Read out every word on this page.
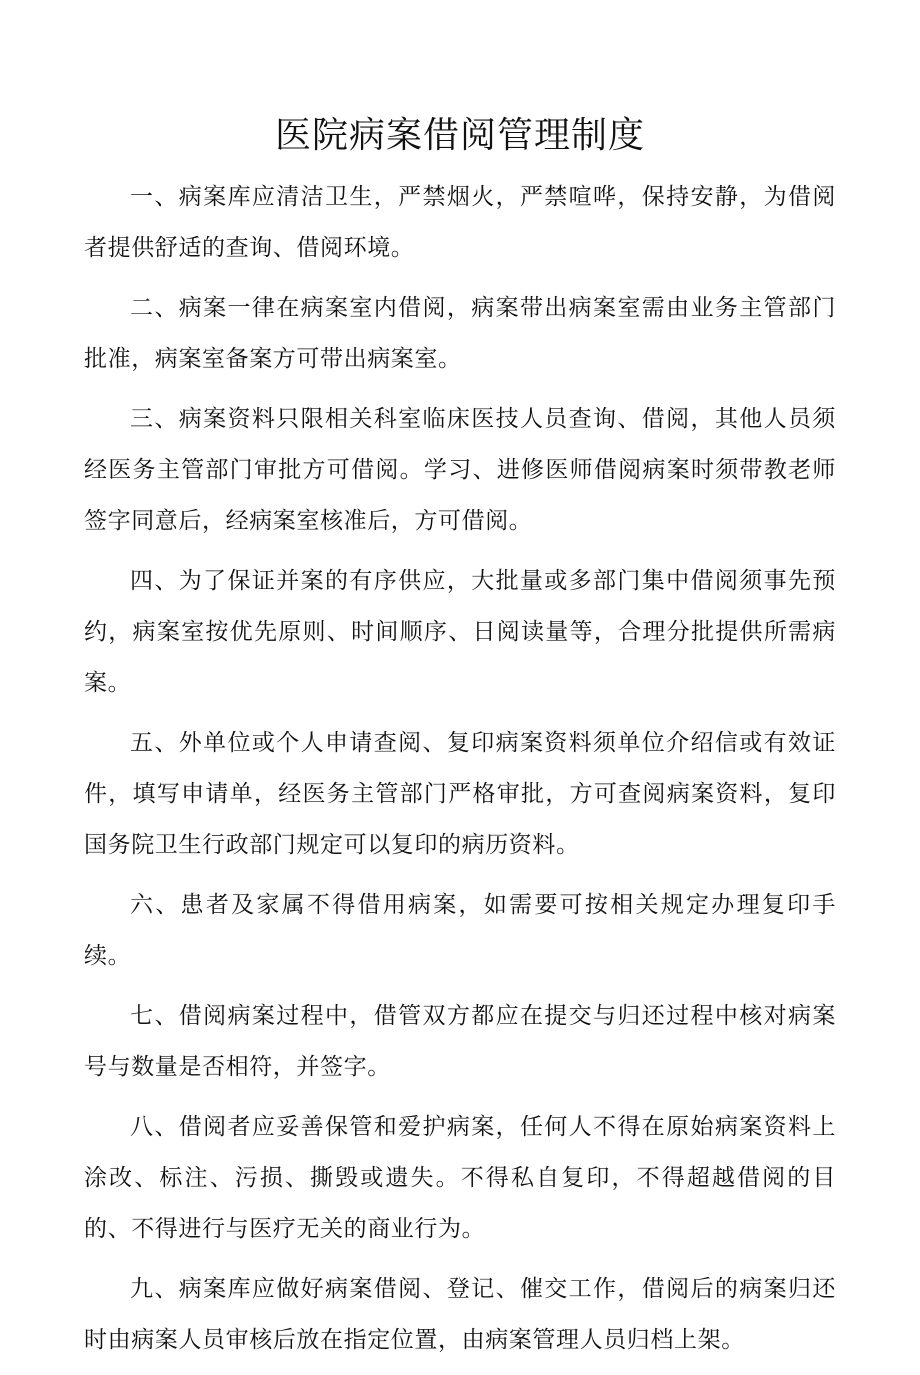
医院病案借阅管理制度

一、病案库应清洁卫生，严禁烟火，严禁喧哗，保持安静，为借阅者提供舒适的查询、借阅环境。

二、病案一律在病案室内借阅，病案带出病案室需由业务主管部门批准，病案室备案方可带出病案室。

三、病案资料只限相关科室临床医技人员查询、借阅，其他人员须经医务主管部门审批方可借阅。学习、进修医师借阅病案时须带教老师签字同意后，经病案室核准后，方可借阅。

四、为了保证并案的有序供应，大批量或多部门集中借阅须事先预约，病案室按优先原则、时间顺序、日阅读量等，合理分批提供所需病案。

五、外单位或个人申请查阅、复印病案资料须单位介绍信或有效证件，填写申请单，经医务主管部门严格审批，方可查阅病案资料，复印国务院卫生行政部门规定可以复印的病历资料。

六、患者及家属不得借用病案，如需要可按相关规定办理复印手续。

七、借阅病案过程中，借管双方都应在提交与归还过程中核对病案号与数量是否相符，并签字。

八、借阅者应妥善保管和爱护病案，任何人不得在原始病案资料上涂改、标注、污损、撕毁或遗失。不得私自复印，不得超越借阅的目的、不得进行与医疗无关的商业行为。

九、病案库应做好病案借阅、登记、催交工作，借阅后的病案归还时由病案人员审核后放在指定位置，由病案管理人员归档上架。
